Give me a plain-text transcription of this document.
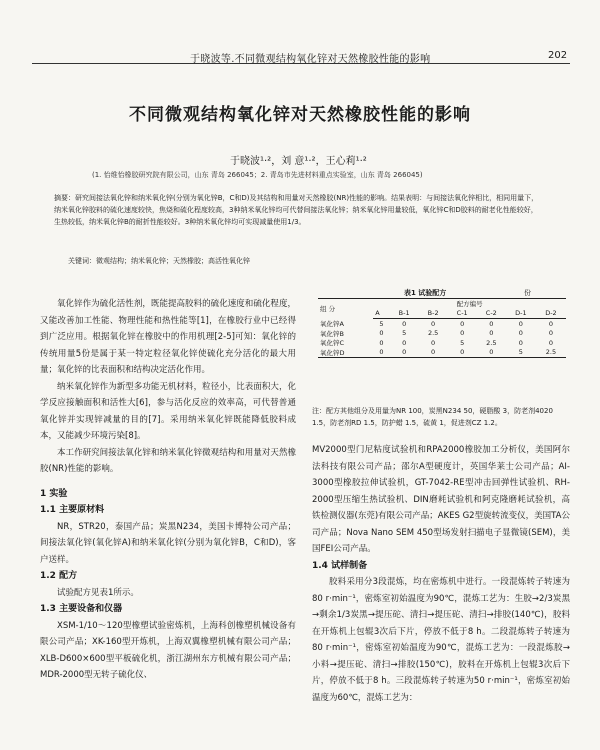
于晓波等.不同微观结构氧化锌对天然橡胶性能的影响	202
不同微观结构氧化锌对天然橡胶性能的影响
于晓波¹·²，刘 意¹·²，王心莉¹·²
(1. 怡维怡橡胶研究院有限公司，山东 青岛 266045；2. 青岛市先进材料重点实验室，山东 青岛 266045)
摘要：研究间接法氧化锌和纳米氧化锌(分别为氧化锌B，C和D)及其结构和用量对天然橡胶(NR)性能的影响。结果表明：与间接法氧化锌相比，相同用量下，纳米氧化锌胶料的硫化速度较快，焦烧和硫化程度较高，3种纳米氧化锌均可代替间接法氧化锌；纳米氧化锌用量较低，氧化锌C和D胶料的耐老化性能较好，生热较低，纳米氧化锌B的耐折性能较好。3种纳米氧化锌均可实现减量使用1/3。
关键词：微观结构；纳米氧化锌；天然橡胶；高活性氧化锌

氧化锌作为硫化活性剂，既能提高胶料的硫化速度和硫化程度，又能改善加工性能、物理性能和热性能等[1]，在橡胶行业中已经得到广泛应用。根据氧化锌在橡胶中的作用机理[2-5]可知：氧化锌的传统用量5份是属于某一特定粒径氧化锌使硫化充分活化的最大用量；氧化锌的比表面积和结构决定活化作用。

纳米氧化锌作为新型多功能无机材料，粒径小，比表面积大，化学反应接触面积和活性大[6]，参与活化反应的效率高，可代替普通氧化锌并实现锌减量的目的[7]。采用纳米氧化锌既能降低胶料成本，又能减少环境污染[8]。

本工作研究间接法氧化锌和纳米氧化锌微观结构和用量对天然橡胶(NR)性能的影响。

1 实验

1.1 主要原材料

NR，STR20，泰国产品；炭黑N234，美国卡博特公司产品；间接法氧化锌(氧化锌A)和纳米氧化锌(分别为氧化锌B，C和D)，客户送样。

1.2 配方

试验配方见表1所示。

1.3 主要设备和仪器

XSM-1/10～120型橡塑试验密炼机，上海科创橡塑机械设备有限公司产品；XK-160型开炼机，上海双翼橡塑机械有限公司产品；XLB-D600×600型平板硫化机，浙江湖州东方机械有限公司产品；MDR-2000型无转子硫化仪、

表1 试验配方	份
组 分	配方编号						
	A	B-1	B-2	C-1	C-2	D-1	D-2
氧化锌A	5	0	0	0	0	0	0
氧化锌B	0	5	2.5	0	0	0	0
氧化锌C	0	0	0	5	2.5	0	0
氧化锌D	0	0	0	0	0	5	2.5
注：配方其他组分及用量为NR 100，炭黑N234 50，硬脂酸 3，防老剂4020 1.5，防老剂RD 1.5，防护蜡 1.5，硫黄 1，促进剂CZ 1.2。

MV2000型门尼粘度试验机和RPA2000橡胶加工分析仪，美国阿尔法科技有限公司产品；邵尔A型硬度计，英国华莱士公司产品；AI-3000型橡胶拉伸试验机，GT-7042-RE型冲击回弹性试验机、RH-2000型压缩生热试验机、DIN磨耗试验机和阿克隆磨耗试验机，高铁检测仪器(东莞)有限公司产品；AKES G2型旋转流变仪，美国TA公司产品；Nova Nano SEM 450型场发射扫描电子显微镜(SEM)，美国FEI公司产品。

1.4 试样制备

胶料采用分3段混炼，均在密炼机中进行。一段混炼转子转速为80 r·min⁻¹，密炼室初始温度为90℃，混炼工艺为：生胶→2/3炭黑→剩余1/3炭黑→提压砣、清扫→提压砣、清扫→排胶(140℃)，胶料在开炼机上包辊3次后下片，停放不低于8 h。二段混炼转子转速为80 r·min⁻¹，密炼室初始温度为90℃，混炼工艺为：一段混炼胶→小料→提压砣、清扫→排胶(150℃)，胶料在开炼机上包辊3次后下片，停放不低于8 h。三段混炼转子转速为50 r·min⁻¹，密炼室初始温度为60℃，混炼工艺为：
